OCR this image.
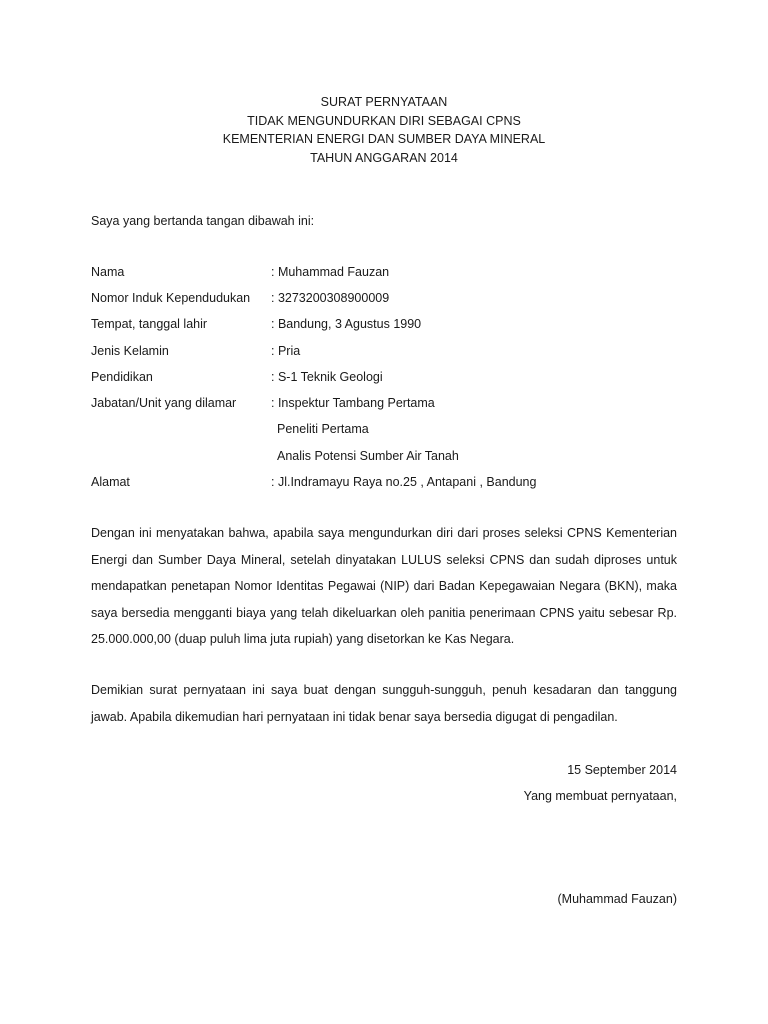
SURAT PERNYATAAN
TIDAK MENGUNDURKAN DIRI SEBAGAI CPNS
KEMENTERIAN ENERGI DAN SUMBER DAYA MINERAL
TAHUN ANGGARAN 2014
Saya yang bertanda tangan dibawah ini:
Nama	: Muhammad Fauzan
Nomor Induk Kependudukan : 3273200308900009
Tempat, tanggal lahir	: Bandung, 3 Agustus 1990
Jenis Kelamin	: Pria
Pendidikan	: S-1 Teknik Geologi
Jabatan/Unit yang dilamar	: Inspektur Tambang Pertama
Peneliti Pertama
Analis Potensi Sumber Air Tanah
Alamat	: Jl.Indramayu Raya no.25 , Antapani , Bandung
Dengan ini menyatakan bahwa, apabila saya mengundurkan diri dari proses seleksi CPNS Kementerian Energi dan Sumber Daya Mineral, setelah dinyatakan LULUS seleksi CPNS dan sudah diproses untuk mendapatkan penetapan Nomor Identitas Pegawai (NIP) dari Badan Kepegawaian Negara (BKN), maka saya bersedia mengganti biaya yang telah dikeluarkan oleh panitia penerimaan CPNS yaitu sebesar Rp. 25.000.000,00 (duap puluh lima juta rupiah) yang disetorkan ke Kas Negara.
Demikian surat pernyataan ini saya buat dengan sungguh-sungguh, penuh kesadaran dan tanggung jawab. Apabila dikemudian hari pernyataan ini tidak benar saya bersedia digugat di pengadilan.
15 September 2014
Yang membuat pernyataan,
(Muhammad Fauzan)
